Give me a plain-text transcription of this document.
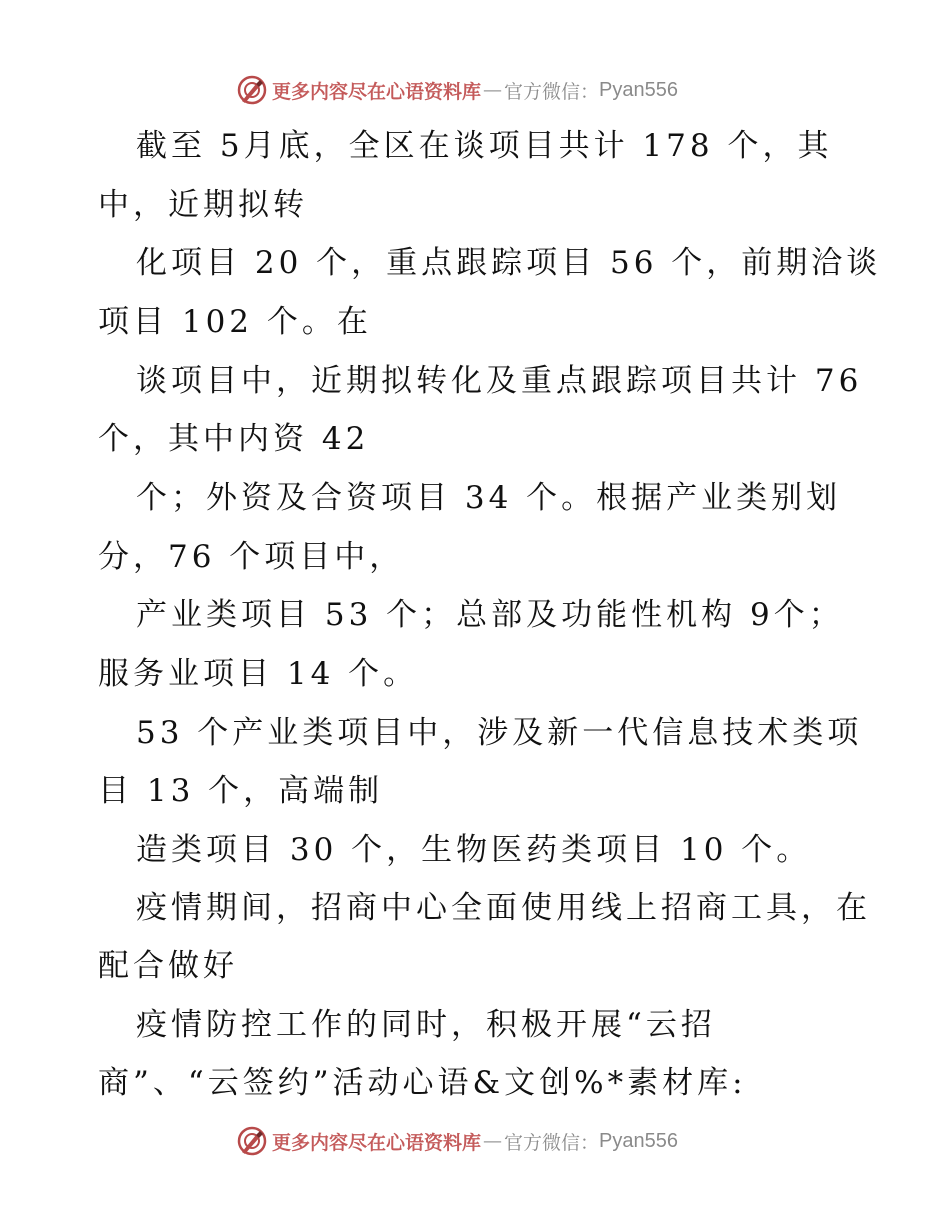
更多内容尽在心语资料库 — 官方微信： Pyan556
截至 5月底，全区在谈项目共计 178 个，其
中，近期拟转
化项目 20 个，重点跟踪项目 56 个，前期洽谈
项目 102 个。在
谈项目中，近期拟转化及重点跟踪项目共计 76
个，其中内资 42
个；外资及合资项目 34 个。根据产业类别划
分，76 个项目中，
产业类项目 53 个；总部及功能性机构 9个；
服务业项目 14 个。
53 个产业类项目中，涉及新一代信息技术类项
目 13 个，高端制
造类项目 30 个，生物医药类项目 10 个。
疫情期间，招商中心全面使用线上招商工具，在
配合做好
疫情防控工作的同时，积极开展“云招
商”、“云签约”活动心语&文创%*素材库:
更多内容尽在心语资料库 — 官方微信： Pyan556
